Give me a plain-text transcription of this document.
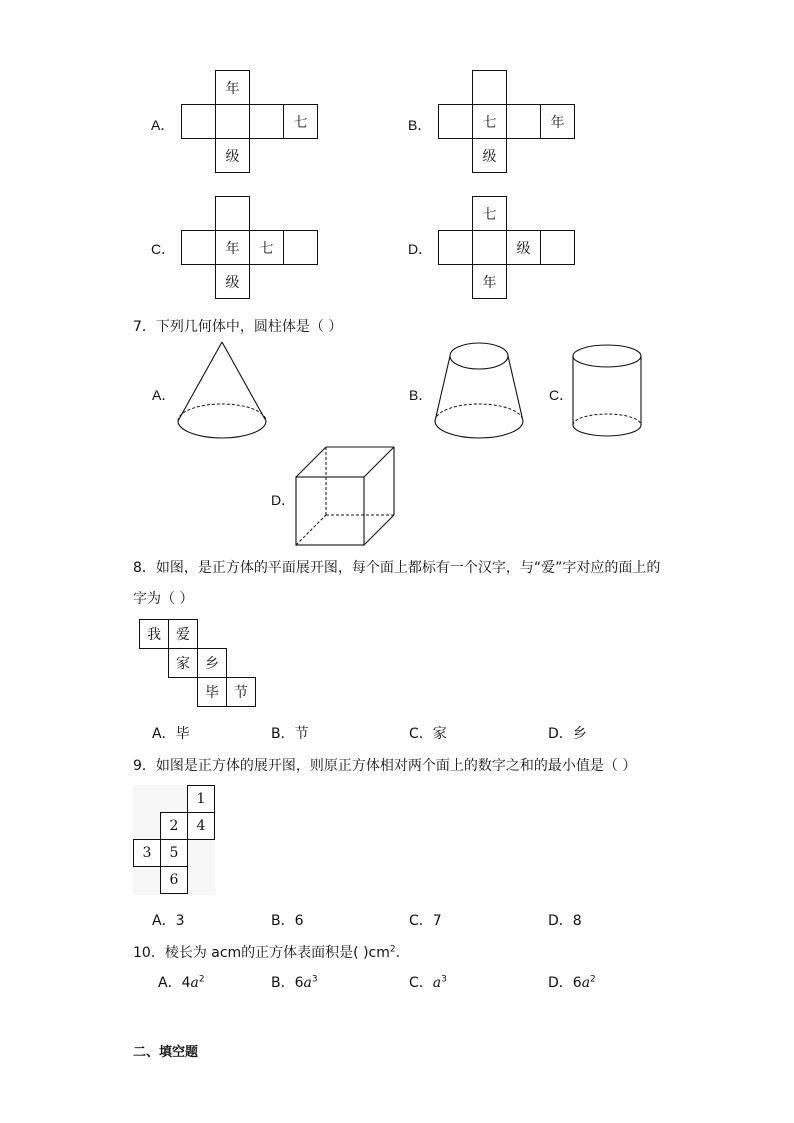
A．
年
七
级
B．	七	年
级
C．	年	七
级
D．
七
级
年
7．下列几何体中，圆柱体是（ ）
A．	B．	C．
D．
8．如图，是正方体的平面展开图，每个面上都标有一个汉字，与“爱”字对应的面上的
字为（ ）
我	爱
家	乡
毕	节
A．毕	B．节	C．家	D．乡
9．如图是正方体的展开图，则原正方体相对两个面上的数字之和的最小值是（ ）
1
2	4
3	5
6
A．3	B．6	C．7	D．8
10．棱长为 acm的正方体表面积是( )$cm^2$.
A．$4a^2$	B．$6a^3$	C．$a^3$	D．$6a^2$
二、填空题
